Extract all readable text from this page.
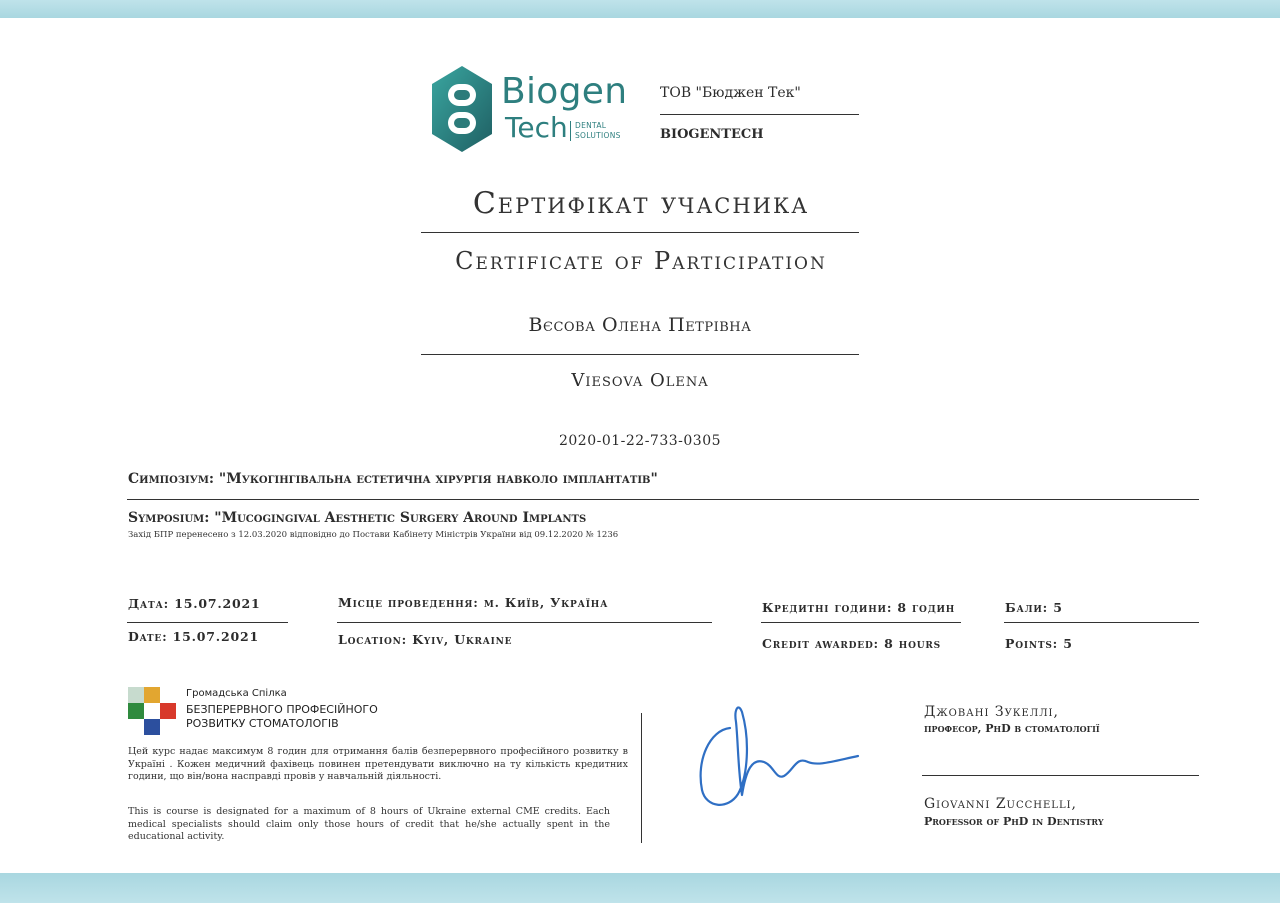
Biogen
Tech DENTAL
SOLUTIONS
ТОВ "Бюджен Тек"
BIOGENTECH
Сертифікат учасника
Certificate of Participation
Вєсова Олена Петрівна
Viesova Olena
2020-01-22-733-0305
Симпозіум: "Мукогінгівальна естетична хірургія навколо імплантатів"
Symposium: "Mucogingival Aesthetic Surgery Around Implants
Захід БПР перенесено з 12.03.2020 відповідно до Постави Кабінету Міністрів України від 09.12.2020 № 1236
Дата: 15.07.2021
Date: 15.07.2021
Місце проведення: м. Київ, Україна
Location: Kyiv, Ukraine
Кредитні години: 8 годин
Credit awarded: 8 hours
Бали: 5
Points: 5
Громадська Спілка
БЕЗПЕРЕРВНОГО ПРОФЕСІЙНОГО
РОЗВИТКУ СТОМАТОЛОГІВ
Цей курс надає максимум 8 годин для отримання балів безперервного професійного розвитку в Україні . Кожен медичний фахівець повинен претендувати виключно на ту кількість кредитних години, що він/вона насправді провів у навчальній діяльності.
This is course is designated for a maximum of 8 hours of Ukraine external CME credits. Each medical specialists should claim only those hours of credit that he/she actually spent in the educational activity.
Джовані Зукеллі,
професор, PhD в стоматології
Giovanni Zucchelli,
Professor of PhD in Dentistry
